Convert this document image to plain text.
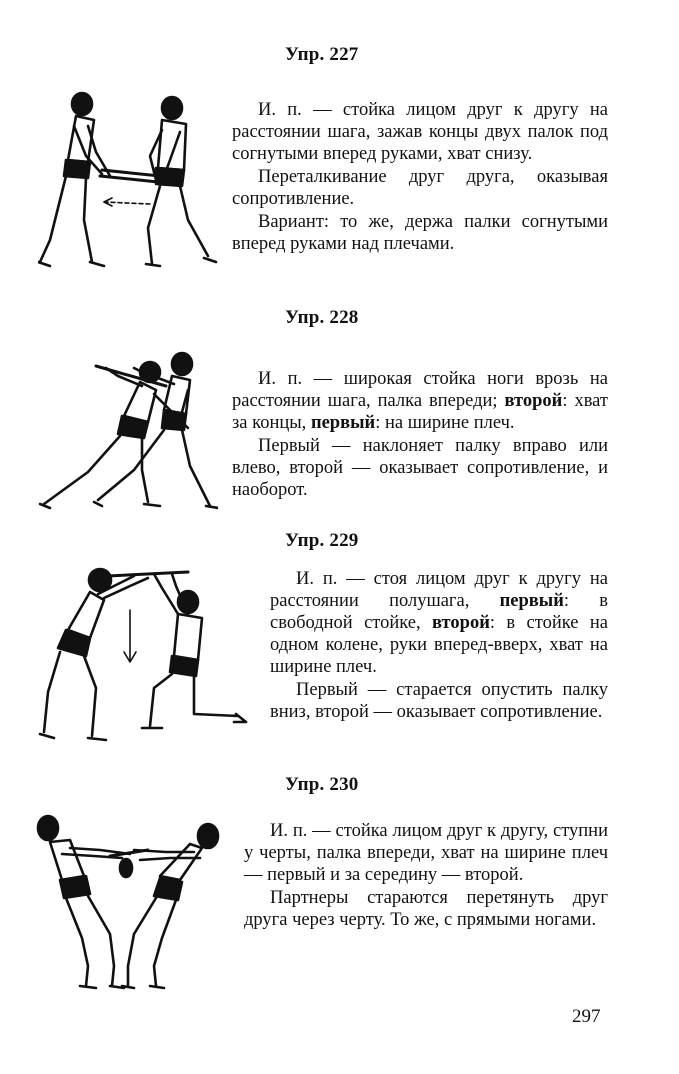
Упр. 227

И. п. — стойка лицом друг к другу на расстоянии шага, зажав концы двух палок под согнутыми вперед руками, хват снизу.

Переталкивание друг друга, оказывая сопротивление.

Вариант: то же, держа палки согнутыми вперед руками над плечами.

Упр. 228

И. п. — широкая стойка ноги врозь на расстоянии шага, палка впереди; второй: хват за концы, первый: на ширине плеч.

Первый — наклоняет палку вправо или влево, второй — оказывает сопротивление, и наоборот.

Упр. 229

И. п. — стоя лицом друг к другу на расстоянии полушага, первый: в свободной стойке, второй: в стойке на одном колене, руки вперед-вверх, хват на ширине плеч.

Первый — старается опустить палку вниз, второй — оказывает сопротивление.

Упр. 230

И. п. — стойка лицом друг к другу, ступни у черты, палка впереди, хват на ширине плеч — первый и за середину — второй.

Партнеры стараются перетянуть друг друга через черту. То же, с прямыми ногами.

297
